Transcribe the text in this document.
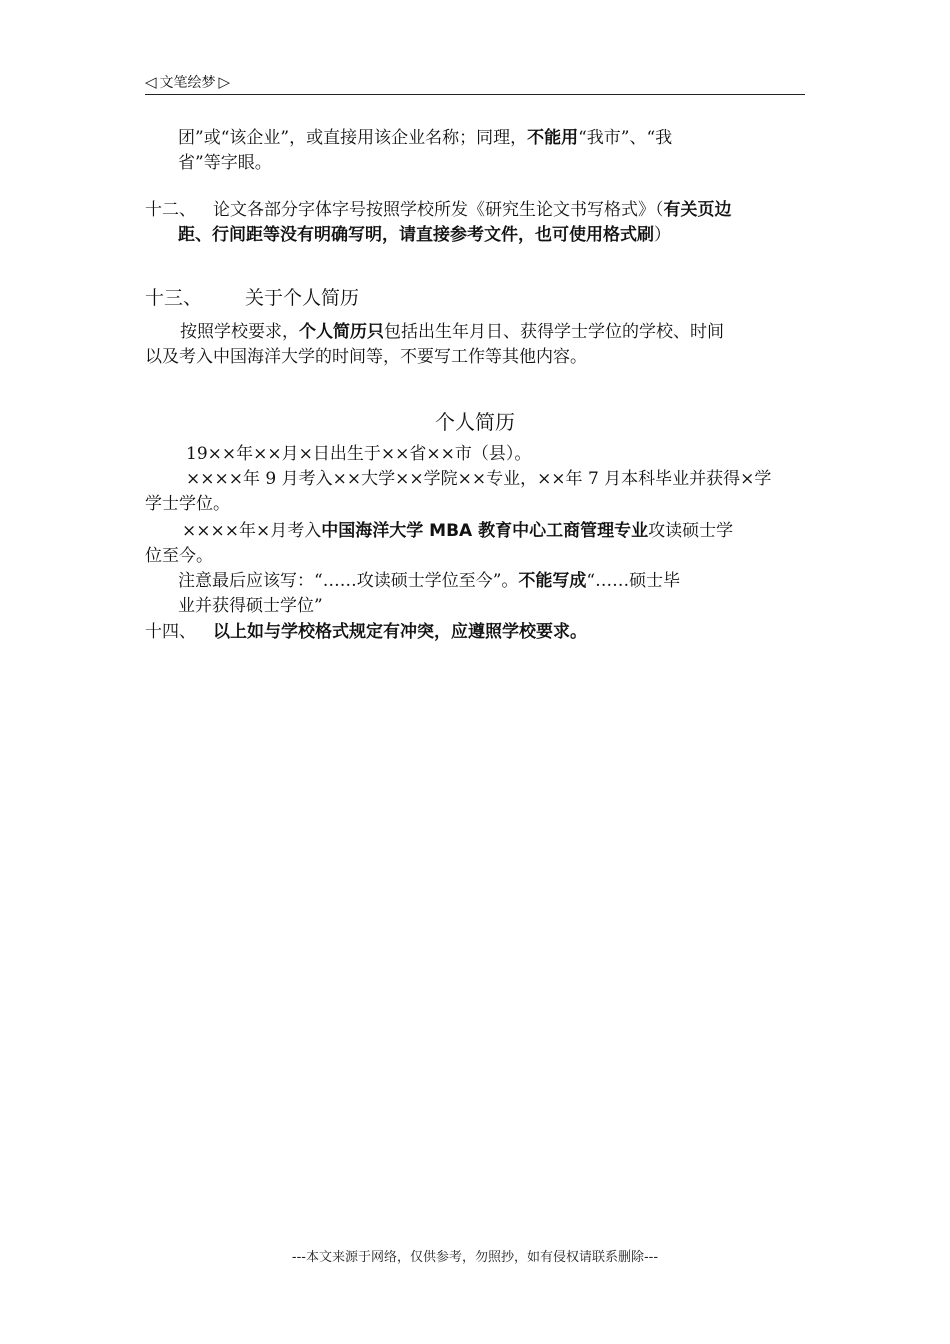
◁ 文笔绘梦 ▷
团”或“该企业”，或直接用该企业名称；同理，不能用“我市”、“我
省”等字眼。
十二、 论文各部分字体字号按照学校所发《研究生论文书写格式》（有关页边
距、行间距等没有明确写明，请直接参考文件，也可使用格式刷）
十三、 关于个人简历
按照学校要求，个人简历只包括出生年月日、获得学士学位的学校、时间
以及考入中国海洋大学的时间等，不要写工作等其他内容。
个人简历
19××年××月×日出生于××省××市（县）。
××××年 9 月考入××大学××学院××专业，××年 7 月本科毕业并获得×学
学士学位。
××××年×月考入中国海洋大学 MBA 教育中心工商管理专业攻读硕士学
位至今。
注意最后应该写：“……攻读硕士学位至今”。不能写成“……硕士毕
业并获得硕士学位”
十四、 以上如与学校格式规定有冲突，应遵照学校要求。
---本文来源于网络，仅供参考，勿照抄，如有侵权请联系删除---
